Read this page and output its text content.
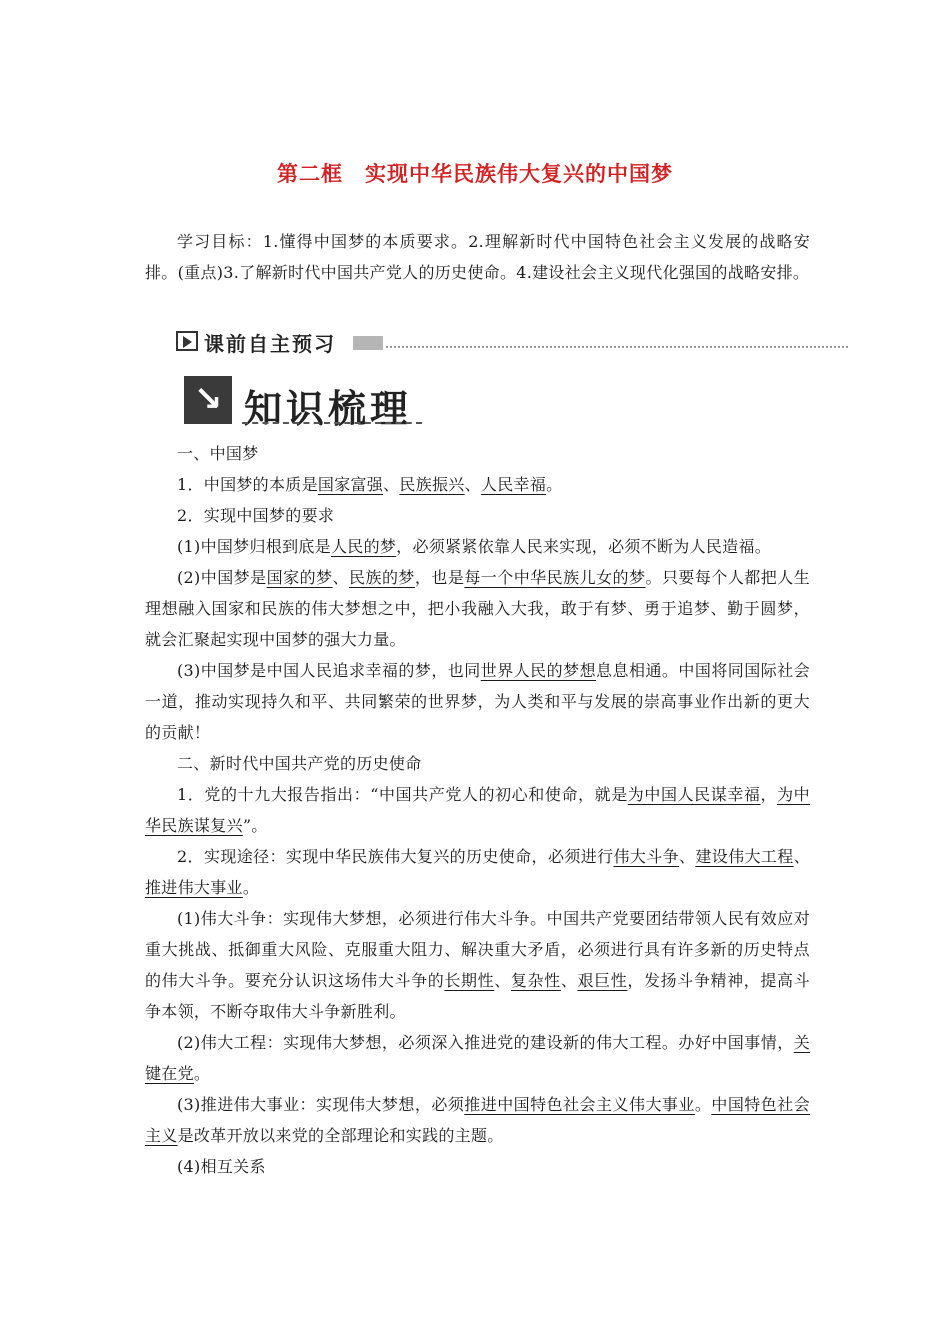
第二框　实现中华民族伟大复兴的中国梦

学习目标：1.懂得中国梦的本质要求。2.理解新时代中国特色社会主义发展的战略安排。(重点)3.了解新时代中国共产党人的历史使命。4.建设社会主义现代化强国的战略安排。

课前自主预习
↘ 知识梳理

一、中国梦

1．中国梦的本质是国家富强、民族振兴、人民幸福。

2．实现中国梦的要求

(1)中国梦归根到底是人民的梦，必须紧紧依靠人民来实现，必须不断为人民造福。

(2)中国梦是国家的梦、民族的梦，也是每一个中华民族儿女的梦。只要每个人都把人生理想融入国家和民族的伟大梦想之中，把小我融入大我，敢于有梦、勇于追梦、勤于圆梦，就会汇聚起实现中国梦的强大力量。

(3)中国梦是中国人民追求幸福的梦，也同世界人民的梦想息息相通。中国将同国际社会一道，推动实现持久和平、共同繁荣的世界梦，为人类和平与发展的崇高事业作出新的更大的贡献！

二、新时代中国共产党的历史使命

1．党的十九大报告指出：“中国共产党人的初心和使命，就是为中国人民谋幸福，为中华民族谋复兴”。

2．实现途径：实现中华民族伟大复兴的历史使命，必须进行伟大斗争、建设伟大工程、推进伟大事业。

(1)伟大斗争：实现伟大梦想，必须进行伟大斗争。中国共产党要团结带领人民有效应对重大挑战、抵御重大风险、克服重大阻力、解决重大矛盾，必须进行具有许多新的历史特点的伟大斗争。要充分认识这场伟大斗争的长期性、复杂性、艰巨性，发扬斗争精神，提高斗争本领，不断夺取伟大斗争新胜利。

(2)伟大工程：实现伟大梦想，必须深入推进党的建设新的伟大工程。办好中国事情，关键在党。

(3)推进伟大事业：实现伟大梦想，必须推进中国特色社会主义伟大事业。中国特色社会主义是改革开放以来党的全部理论和实践的主题。

(4)相互关系
